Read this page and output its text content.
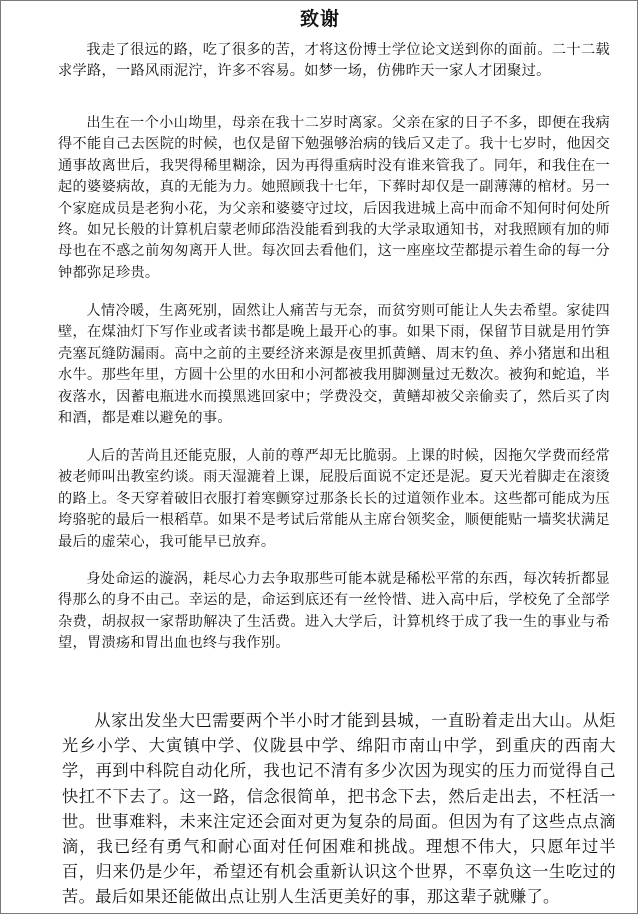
致谢

我走了很远的路，吃了很多的苦，才将这份博士学位论文送到你的面前。二十二载求学路，一路风雨泥泞，许多不容易。如梦一场，仿佛昨天一家人才团聚过。

出生在一个小山坳里，母亲在我十二岁时离家。父亲在家的日子不多，即便在我病得不能自己去医院的时候，也仅是留下勉强够治病的钱后又走了。我十七岁时，他因交通事故离世后，我哭得稀里糊涂，因为再得重病时没有谁来管我了。同年，和我住在一起的婆婆病故，真的无能为力。她照顾我十七年，下葬时却仅是一副薄薄的棺材。另一个家庭成员是老狗小花，为父亲和婆婆守过坟，后因我进城上高中而命不知何时何处所终。如兄长般的计算机启蒙老师邱浩没能看到我的大学录取通知书，对我照顾有加的师母也在不惑之前匆匆离开人世。每次回去看他们，这一座座坟茔都提示着生命的每一分钟都弥足珍贵。

人情冷暖，生离死别，固然让人痛苦与无奈，而贫穷则可能让人失去希望。家徒四壁，在煤油灯下写作业或者读书都是晚上最开心的事。如果下雨，保留节目就是用竹笋壳塞瓦缝防漏雨。高中之前的主要经济来源是夜里抓黄鳝、周末钓鱼、养小猪崽和出租水牛。那些年里，方圆十公里的水田和小河都被我用脚测量过无数次。被狗和蛇追，半夜落水，因蓄电瓶进水而摸黑逃回家中；学费没交，黄鳝却被父亲偷卖了，然后买了肉和酒，都是难以避免的事。

人后的苦尚且还能克服，人前的尊严却无比脆弱。上课的时候，因拖欠学费而经常被老师叫出教室约谈。雨天湿漉着上课，屁股后面说不定还是泥。夏天光着脚走在滚烫的路上。冬天穿着破旧衣服打着寒颤穿过那条长长的过道领作业本。这些都可能成为压垮骆驼的最后一根稻草。如果不是考试后常能从主席台领奖金，顺便能贴一墙奖状满足最后的虚荣心，我可能早已放弃。

身处命运的漩涡，耗尽心力去争取那些可能本就是稀松平常的东西，每次转折都显得那么的身不由己。幸运的是，命运到底还有一丝怜惜、进入高中后，学校免了全部学杂费，胡叔叔一家帮助解决了生活费。进入大学后，计算机终于成了我一生的事业与希望，胃溃疡和胃出血也终与我作别。

从家出发坐大巴需要两个半小时才能到县城，一直盼着走出大山。从炬光乡小学、大寅镇中学、仪陇县中学、绵阳市南山中学，到重庆的西南大学，再到中科院自动化所，我也记不清有多少次因为现实的压力而觉得自己快扛不下去了。这一路，信念很简单，把书念下去，然后走出去，不枉活一世。世事难料，未来注定还会面对更为复杂的局面。但因为有了这些点点滴滴，我已经有勇气和耐心面对任何困难和挑战。理想不伟大，只愿年过半百，归来仍是少年，希望还有机会重新认识这个世界，不辜负这一生吃过的苦。最后如果还能做出点让别人生活更美好的事，那这辈子就赚了。
